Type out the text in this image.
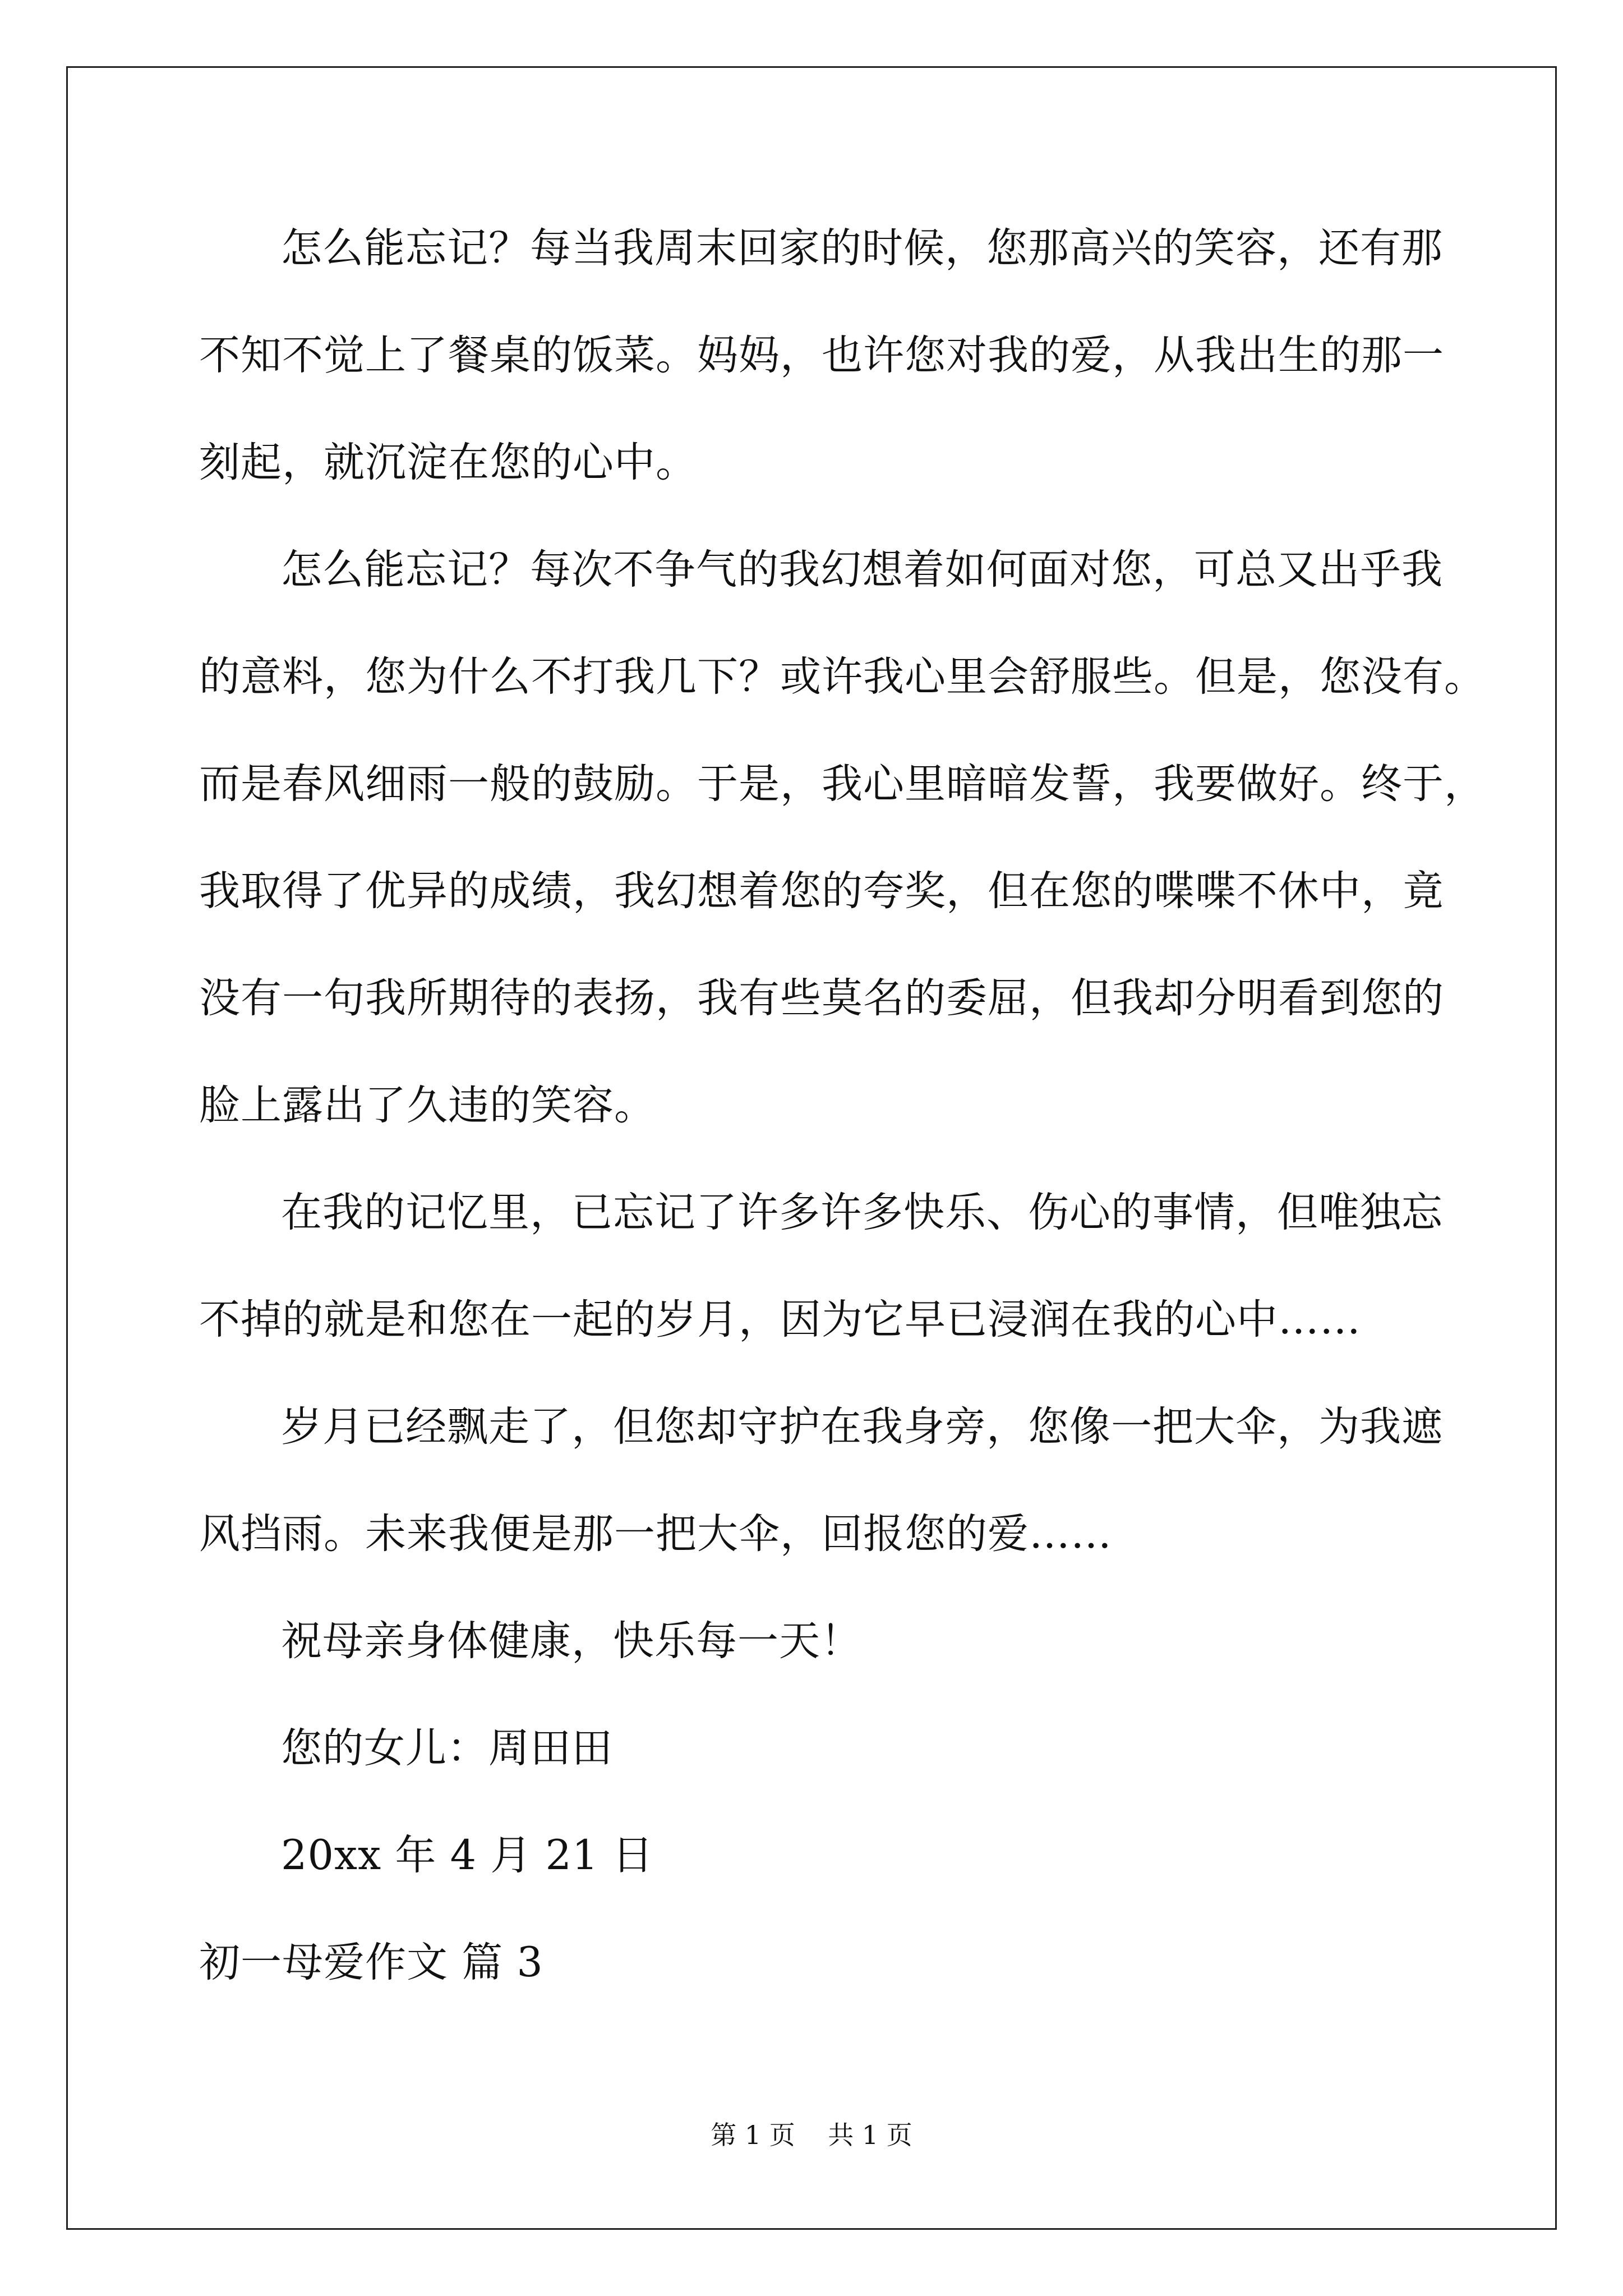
怎么能忘记？每当我周末回家的时候，您那高兴的笑容，还有那
不知不觉上了餐桌的饭菜。妈妈，也许您对我的爱，从我出生的那一
刻起，就沉淀在您的心中。
怎么能忘记？每次不争气的我幻想着如何面对您，可总又出乎我
的意料，您为什么不打我几下？或许我心里会舒服些。但是，您没有。
而是春风细雨一般的鼓励。于是，我心里暗暗发誓，我要做好。终于，
我取得了优异的成绩，我幻想着您的夸奖，但在您的喋喋不休中，竟
没有一句我所期待的表扬，我有些莫名的委屈，但我却分明看到您的
脸上露出了久违的笑容。
在我的记忆里，已忘记了许多许多快乐、伤心的事情，但唯独忘
不掉的就是和您在一起的岁月，因为它早已浸润在我的心中……
岁月已经飘走了，但您却守护在我身旁，您像一把大伞，为我遮
风挡雨。未来我便是那一把大伞，回报您的爱……
祝母亲身体健康，快乐每一天！
您的女儿：周田田
20xx 年 4 月 21 日
初一母爱作文 篇 3
第 1 页    共 1 页
